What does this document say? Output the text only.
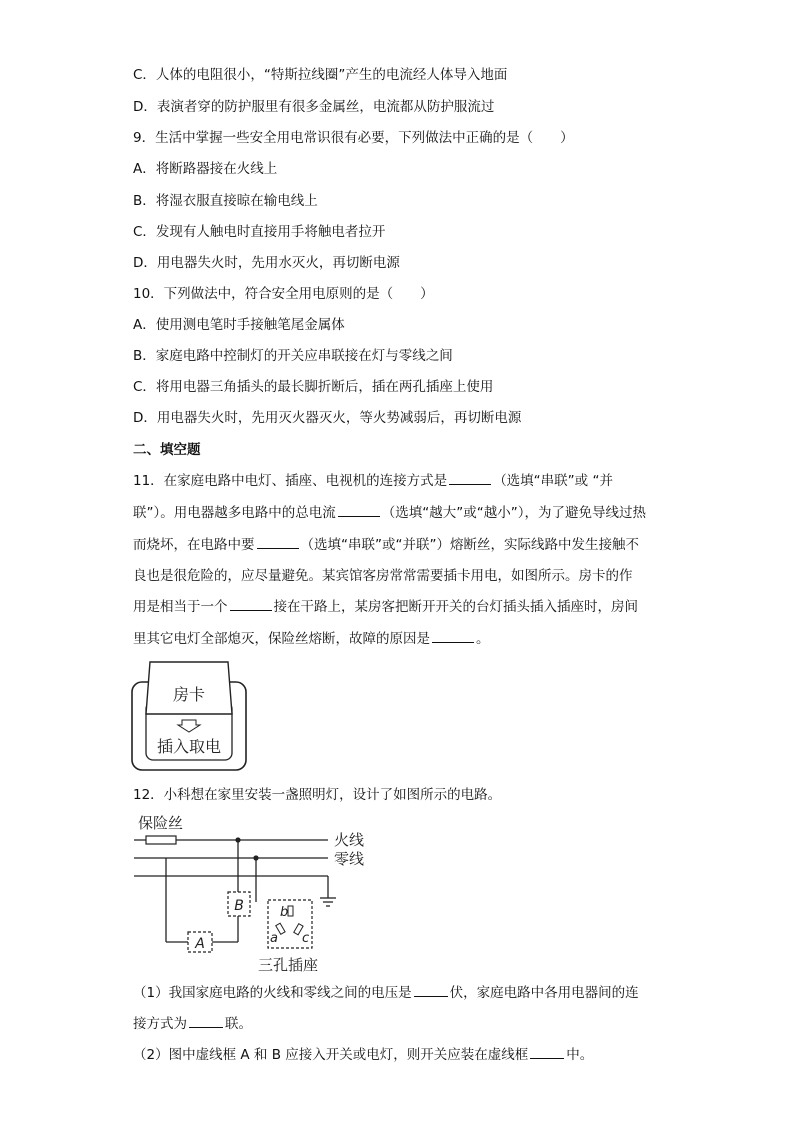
C．人体的电阻很小，“特斯拉线圈”产生的电流经人体导入地面
D．表演者穿的防护服里有很多金属丝，电流都从防护服流过
9．生活中掌握一些安全用电常识很有必要，下列做法中正确的是（　　）
A．将断路器接在火线上
B．将湿衣服直接晾在输电线上
C．发现有人触电时直接用手将触电者拉开
D．用电器失火时，先用水灭火，再切断电源
10．下列做法中，符合安全用电原则的是（　　）
A．使用测电笔时手接触笔尾金属体
B．家庭电路中控制灯的开关应串联接在灯与零线之间
C．将用电器三角插头的最长脚折断后，插在两孔插座上使用
D．用电器失火时，先用灭火器灭火，等火势减弱后，再切断电源
二、填空题
11．在家庭电路中电灯、插座、电视机的连接方式是	（选填“串联”或 “并
联”）。用电器越多电路中的总电流	（选填“越大”或“越小”），为了避免导线过热
而烧坏，在电路中要	（选填“串联”或“并联”）熔断丝，实际线路中发生接触不
良也是很危险的，应尽量避免。某宾馆客房常常需要插卡用电，如图所示。房卡的作
用是相当于一个	接在干路上，某房客把断开开关的台灯插头插入插座时，房间
里其它电灯全部熄灭，保险丝熔断，故障的原因是	。
房卡
插入取电
12．小科想在家里安装一盏照明灯，设计了如图所示的电路。
保险丝
火线
零线
A
B	b
a c
三孔插座
（1）我国家庭电路的火线和零线之间的电压是	伏，家庭电路中各用电器间的连
接方式为	联。
（2）图中虚线框 A 和 B 应接入开关或电灯，则开关应装在虚线框	中。
